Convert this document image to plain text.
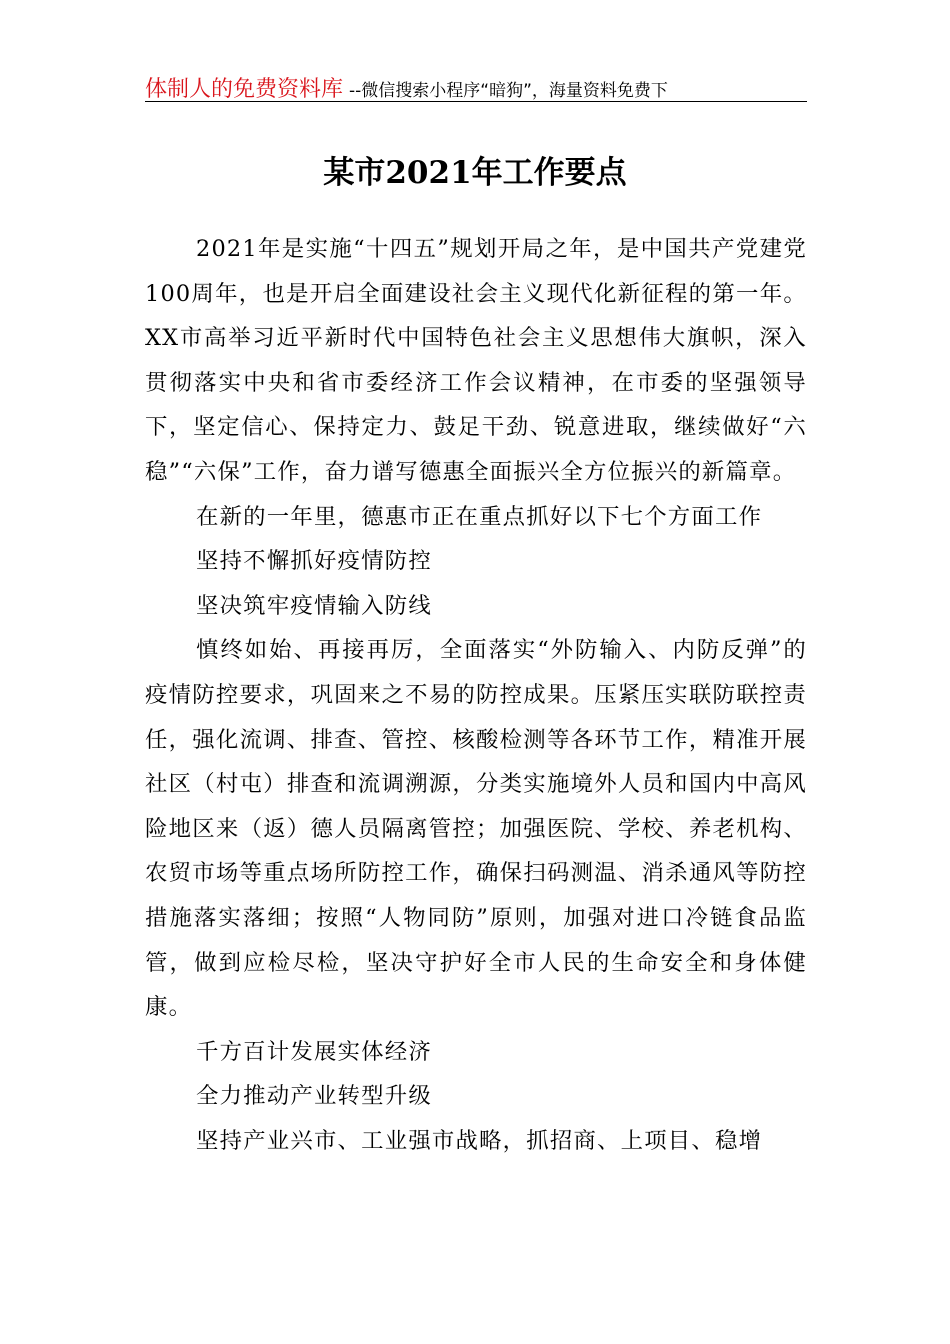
体制人的免费资料库 --微信搜索小程序“暗狗”，海量资料免费下
某市2021年工作要点

2021年是实施“十四五”规划开局之年，是中国共产党建党100周年，也是开启全面建设社会主义现代化新征程的第一年。XX市高举习近平新时代中国特色社会主义思想伟大旗帜，深入贯彻落实中央和省市委经济工作会议精神，在市委的坚强领导下，坚定信心、保持定力、鼓足干劲、锐意进取，继续做好“六稳”“六保”工作，奋力谱写德惠全面振兴全方位振兴的新篇章。

在新的一年里，德惠市正在重点抓好以下七个方面工作

坚持不懈抓好疫情防控

坚决筑牢疫情输入防线

慎终如始、再接再厉，全面落实“外防输入、内防反弹”的疫情防控要求，巩固来之不易的防控成果。压紧压实联防联控责任，强化流调、排查、管控、核酸检测等各环节工作，精准开展社区（村屯）排查和流调溯源，分类实施境外人员和国内中高风险地区来（返）德人员隔离管控；加强医院、学校、养老机构、农贸市场等重点场所防控工作，确保扫码测温、消杀通风等防控措施落实落细；按照“人物同防”原则，加强对进口冷链食品监管，做到应检尽检，坚决守护好全市人民的生命安全和身体健康。

千方百计发展实体经济

全力推动产业转型升级

坚持产业兴市、工业强市战略，抓招商、上项目、稳增
